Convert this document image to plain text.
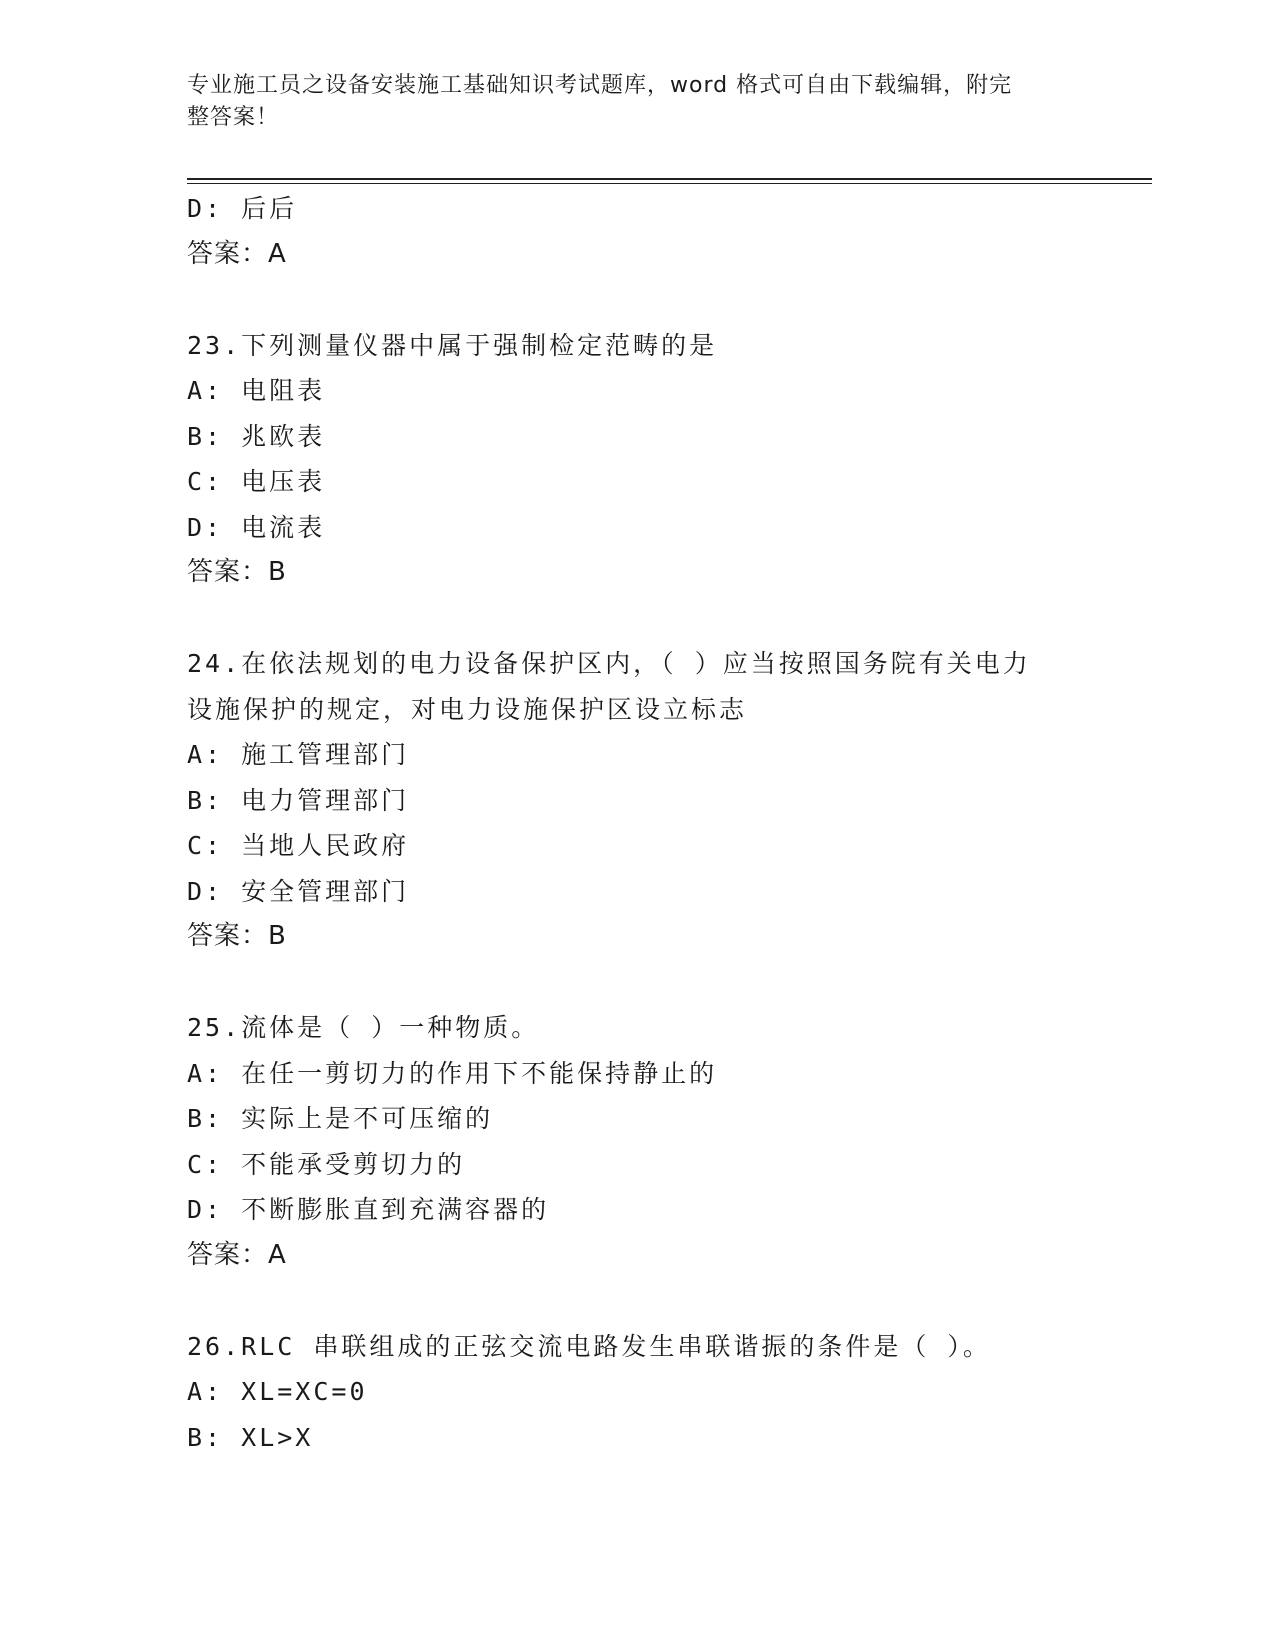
专业施工员之设备安装施工基础知识考试题库，word 格式可自由下载编辑，附完
整答案！
D: 后后
答案：A
23.下列测量仪器中属于强制检定范畴的是
A: 电阻表
B: 兆欧表
C: 电压表
D: 电流表
答案：B
24.在依法规划的电力设备保护区内，（ ）应当按照国务院有关电力
设施保护的规定，对电力设施保护区设立标志
A: 施工管理部门
B: 电力管理部门
C: 当地人民政府
D: 安全管理部门
答案：B
25.流体是（ ）一种物质。
A: 在任一剪切力的作用下不能保持静止的
B: 实际上是不可压缩的
C: 不能承受剪切力的
D: 不断膨胀直到充满容器的
答案：A
26.RLC 串联组成的正弦交流电路发生串联谐振的条件是（ ）。
A: XL=XC=0
B: XL>X
